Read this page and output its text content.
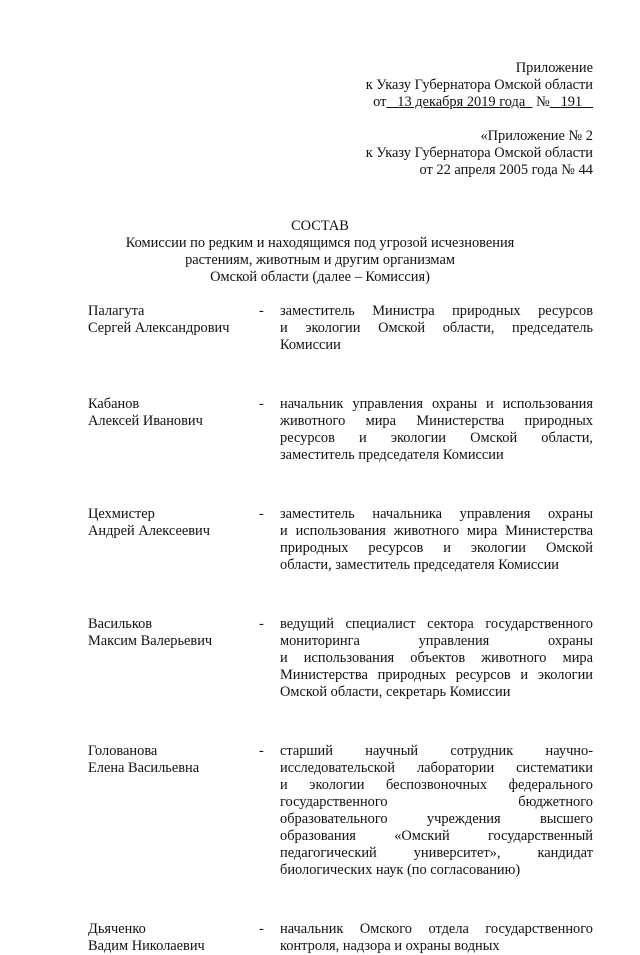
Приложение
к Указу Губернатора Омской области
от 13 декабря 2019 года № 191
«Приложение № 2
к Указу Губернатора Омской области
от 22 апреля 2005 года № 44
СОСТАВ
Комиссии по редким и находящимся под угрозой исчезновения
растениям, животным и другим организмам
Омской области (далее – Комиссия)
Палагута
Сергей Александрович
- заместитель Министра природных ресурсов
и экологии Омской области, председатель
Комиссии
Кабанов
Алексей Иванович
- начальник управления охраны и использования
животного мира Министерства природных
ресурсов и экологии Омской области,
заместитель председателя Комиссии
Цехмистер
Андрей Алексеевич
- заместитель начальника управления охраны
и использования животного мира Министерства
природных ресурсов и экологии Омской
области, заместитель председателя Комиссии
Васильков
Максим Валерьевич
- ведущий специалист сектора государственного
мониторинга управления охраны
и использования объектов животного мира
Министерства природных ресурсов и экологии
Омской области, секретарь Комиссии
Голованова
Елена Васильевна
- старший научный сотрудник научно-
исследовательской лаборатории систематики
и экологии беспозвоночных федерального
государственного бюджетного
образовательного учреждения высшего
образования «Омский государственный
педагогический университет», кандидат
биологических наук (по согласованию)
Дьяченко
Вадим Николаевич
- начальник Омского отдела государственного
контроля, надзора и охраны водных
